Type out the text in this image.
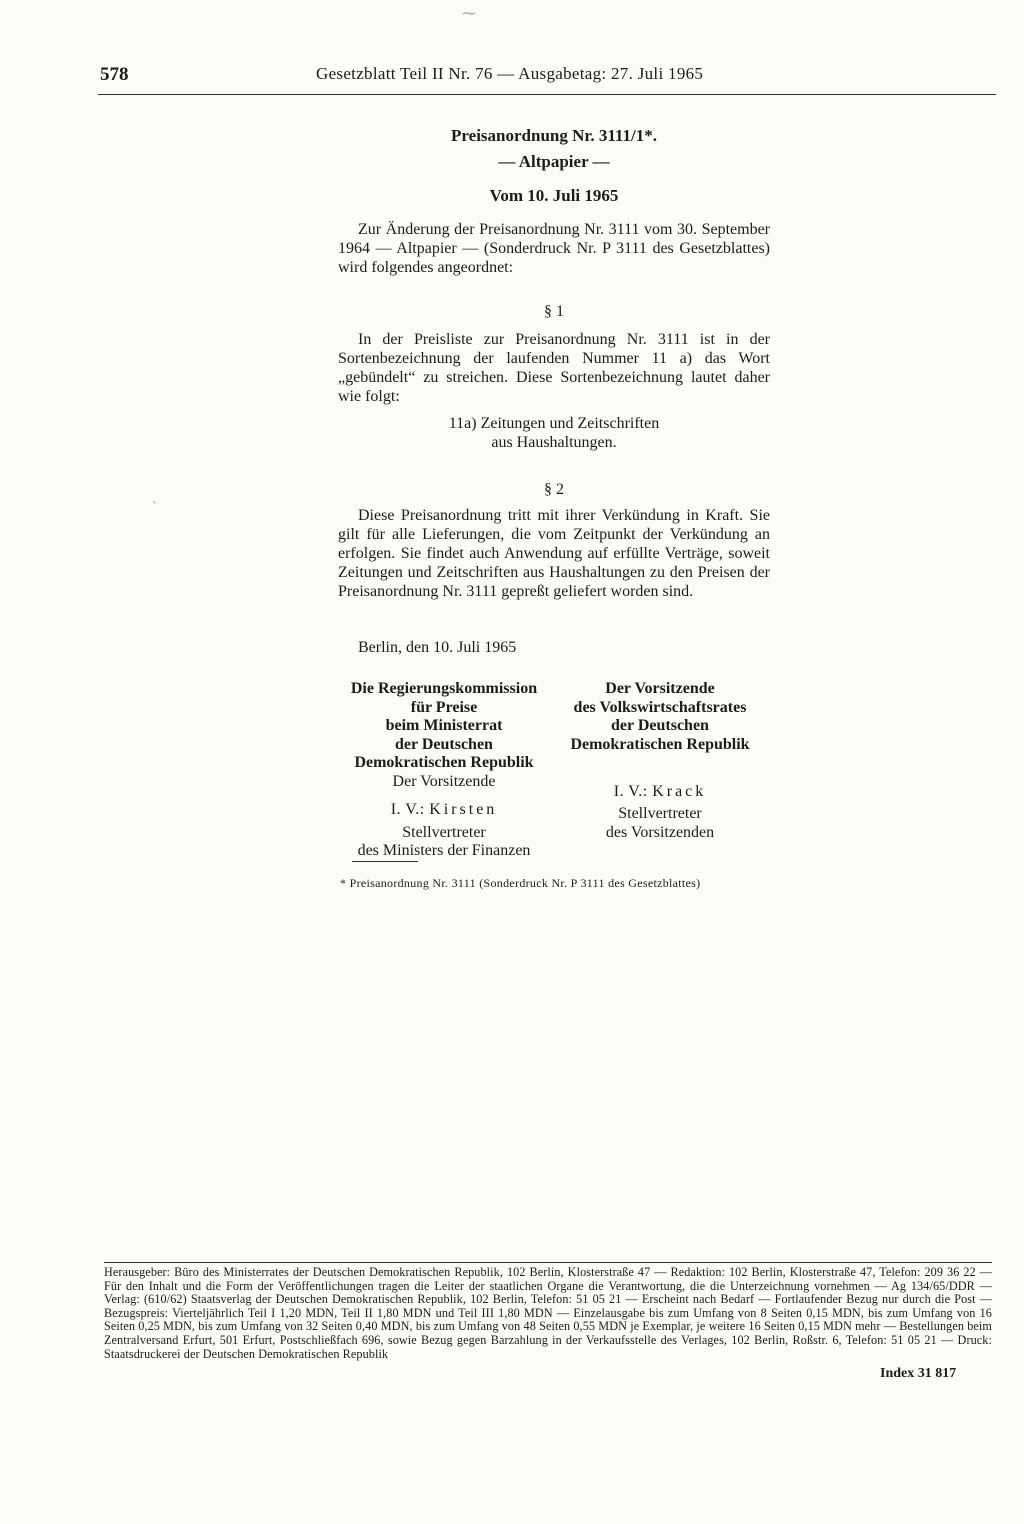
578	Gesetzblatt Teil II Nr. 76 — Ausgabetag: 27. Juli 1965
⁓
ˋ
Preisanordnung Nr. 3111/1*.
— Altpapier —
Vom 10. Juli 1965
Zur Änderung der Preisanordnung Nr. 3111 vom 30. September 1964 — Altpapier — (Sonderdruck Nr. P 3111 des Gesetzblattes) wird folgendes angeordnet:
§ 1
In der Preisliste zur Preisanordnung Nr. 3111 ist in der Sortenbezeichnung der laufenden Nummer 11 a) das Wort „gebündelt“ zu streichen. Diese Sortenbezeichnung lautet daher wie folgt:
11a) Zeitungen und Zeitschriften
aus Haushaltungen.
§ 2
Diese Preisanordnung tritt mit ihrer Verkündung in Kraft. Sie gilt für alle Lieferungen, die vom Zeitpunkt der Verkündung an erfolgen. Sie findet auch Anwendung auf erfüllte Verträge, soweit Zeitungen und Zeitschriften aus Haushaltungen zu den Preisen der Preisanordnung Nr. 3111 gepreßt geliefert worden sind.
Berlin, den 10. Juli 1965
Die Regierungskommission
für Preise
beim Ministerrat
der Deutschen
Demokratischen Republik
Der Vorsitzende
I. V.: Kirsten
Stellvertreter
des Ministers der Finanzen
Der Vorsitzende
des Volkswirtschaftsrates
der Deutschen
Demokratischen Republik
I. V.: Krack
Stellvertreter
des Vorsitzenden
* Preisanordnung Nr. 3111 (Sonderdruck Nr. P 3111 des Gesetzblattes)
Herausgeber: Büro des Ministerrates der Deutschen Demokratischen Republik, 102 Berlin, Klosterstraße 47 — Redaktion: 102 Berlin, Klosterstraße 47, Telefon: 209 36 22 — Für den Inhalt und die Form der Veröffentlichungen tragen die Leiter der staatlichen Organe die Verantwortung, die die Unterzeichnung vornehmen — Ag 134/65/DDR — Verlag: (610/62) Staatsverlag der Deutschen Demokratischen Republik, 102 Berlin, Telefon: 51 05 21 — Erscheint nach Bedarf — Fortlaufender Bezug nur durch die Post — Bezugspreis: Vierteljährlich Teil I 1,20 MDN, Teil II 1,80 MDN und Teil III 1,80 MDN — Einzelausgabe bis zum Umfang von 8 Seiten 0,15 MDN, bis zum Umfang von 16 Seiten 0,25 MDN, bis zum Umfang von 32 Seiten 0,40 MDN, bis zum Umfang von 48 Seiten 0,55 MDN je Exemplar, je weitere 16 Seiten 0,15 MDN mehr — Bestellungen beim Zentralversand Erfurt, 501 Erfurt, Postschließfach 696, sowie Bezug gegen Barzahlung in der Verkaufsstelle des Verlages, 102 Berlin, Roßstr. 6, Telefon: 51 05 21 — Druck: Staatsdruckerei der Deutschen Demokratischen Republik
Index 31 817
